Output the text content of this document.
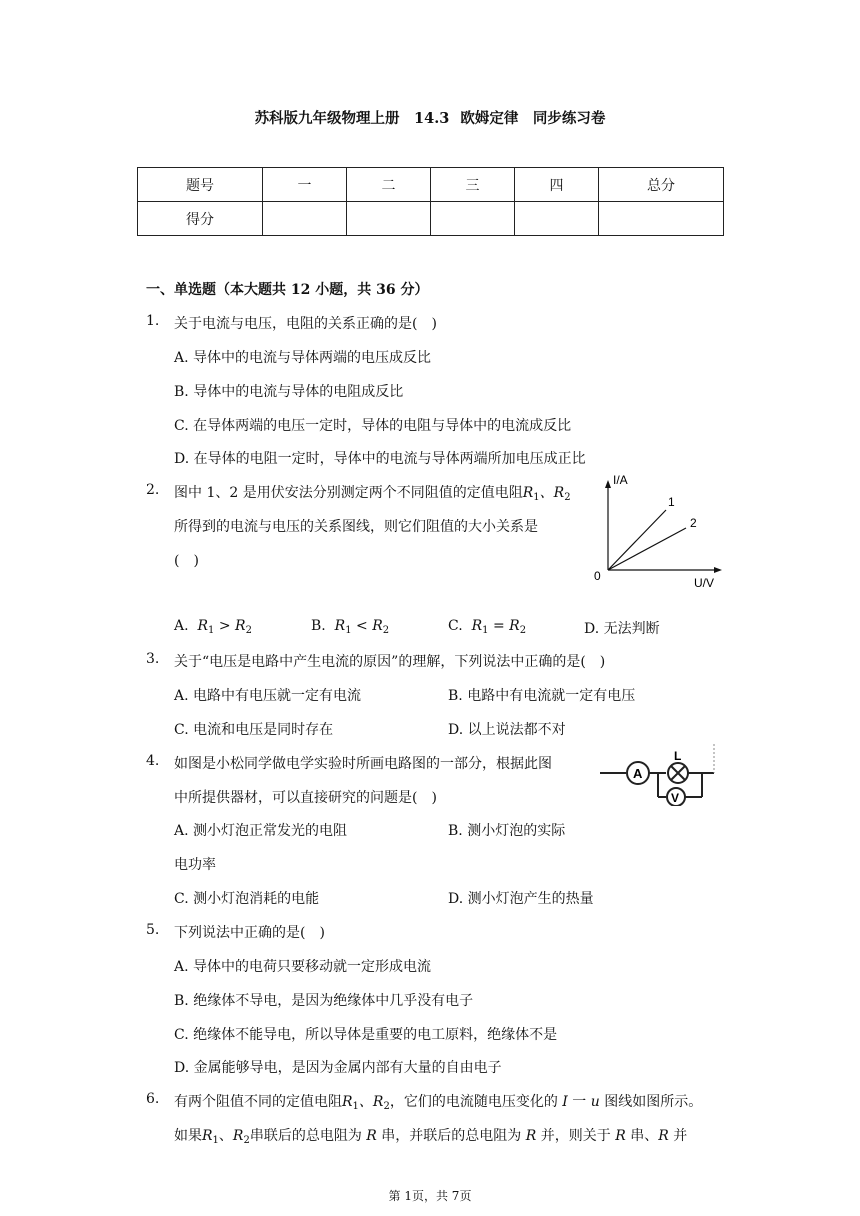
苏科版九年级物理上册　14.3 欧姆定律　同步练习卷
题号	一	二	三	四	总分
得分					
一、单选题（本大题共 12 小题，共 36 分）
1. 关于电流与电压，电阻的关系正确的是(　)
A. 导体中的电流与导体两端的电压成反比
B. 导体中的电流与导体的电阻成反比
C. 在导体两端的电压一定时，导体的电阻与导体中的电流成反比
D. 在导体的电阻一定时，导体中的电流与导体两端所加电压成正比
2. 图中 1、2 是用伏安法分别测定两个不同阻值的定值电阻$R_1$、$R_2$
所得到的电流与电压的关系图线，则它们阻值的大小关系是
(　)
I/A
U/V
0
1
2
A. $R_1 > R_2$	B. $R_1 < R_2$	C. $R_1 = R_2$	D. 无法判断
3. 关于“电压是电路中产生电流的原因”的理解，下列说法中正确的是(　)
A. 电路中有电压就一定有电流	B. 电路中有电流就一定有电压
C. 电流和电压是同时存在	D. 以上说法都不对
4. 如图是小松同学做电学实验时所画电路图的一部分，根据此图
中所提供器材，可以直接研究的问题是(　)
A
L
V
A. 测小灯泡正常发光的电阻	B. 测小灯泡的实际
电功率
C. 测小灯泡消耗的电能	D. 测小灯泡产生的热量
5. 下列说法中正确的是(　)
A. 导体中的电荷只要移动就一定形成电流
B. 绝缘体不导电，是因为绝缘体中几乎没有电子
C. 绝缘体不能导电，所以导体是重要的电工原料，绝缘体不是
D. 金属能够导电，是因为金属内部有大量的自由电子
6. 有两个阻值不同的定值电阻$R_1$、$R_2$，它们的电流随电压变化的 I 一 u 图线如图所示。
如果$R_1$、$R_2$串联后的总电阻为 R 串，并联后的总电阻为 R 并，则关于 R 串、R 并
第 1页，共 7页
